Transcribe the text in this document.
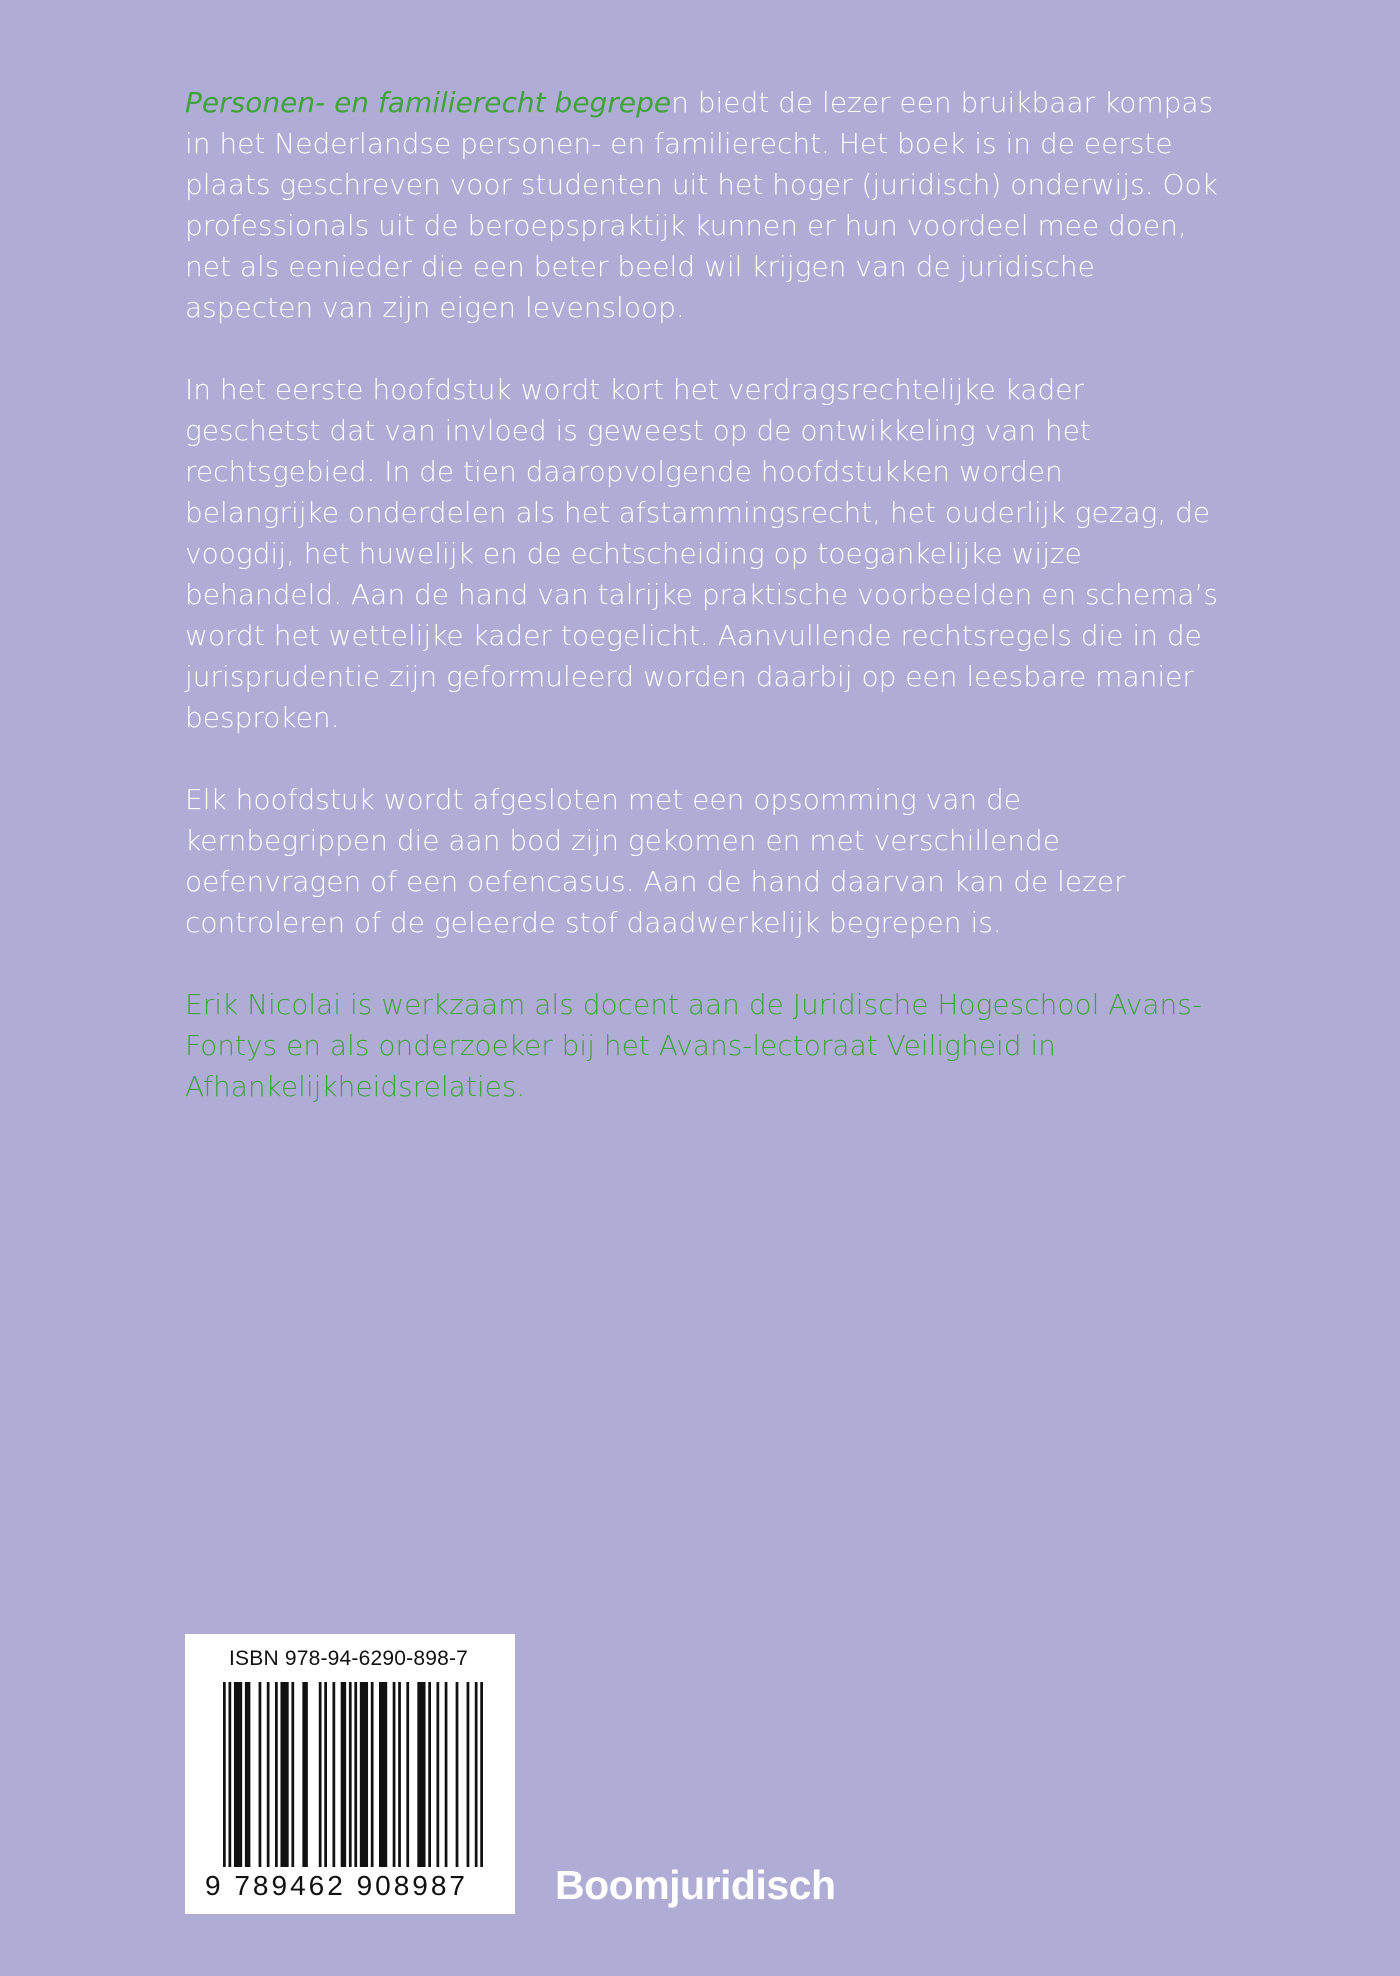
Personen- en familierecht begrepen biedt de lezer een bruikbaar kompas in het Nederlandse personen- en familierecht. Het boek is in de eerste plaats geschreven voor studenten uit het hoger (juridisch) onderwijs. Ook professionals uit de beroepspraktijk kunnen er hun voordeel mee doen, net als eenieder die een beter beeld wil krijgen van de juridische aspecten van zijn eigen levensloop.

In het eerste hoofdstuk wordt kort het verdragsrechtelijke kader geschetst dat van invloed is geweest op de ontwikkeling van het rechtsgebied. In de tien daaropvolgende hoofdstukken worden belangrijke onderdelen als het afstammingsrecht, het ouderlijk gezag, de voogdij, het huwelijk en de echtscheiding op toegankelijke wijze behandeld. Aan de hand van talrijke praktische voorbeelden en schema’s wordt het wettelijke kader toegelicht. Aanvullende rechtsregels die in de jurisprudentie zijn geformuleerd worden daarbij op een leesbare manier besproken.

Elk hoofdstuk wordt afgesloten met een opsomming van de kernbegrippen die aan bod zijn gekomen en met verschillende oefenvragen of een oefencasus. Aan de hand daarvan kan de lezer controleren of de geleerde stof daadwerkelijk begrepen is.

Erik Nicolai is werkzaam als docent aan de Juridische Hogeschool Avans-Fontys en als onderzoeker bij het Avans-lectoraat Veiligheid in Afhankelijkheidsrelaties.

ISBN 978-94-6290-898-7
9 789462 908987	Boomjuridisch
